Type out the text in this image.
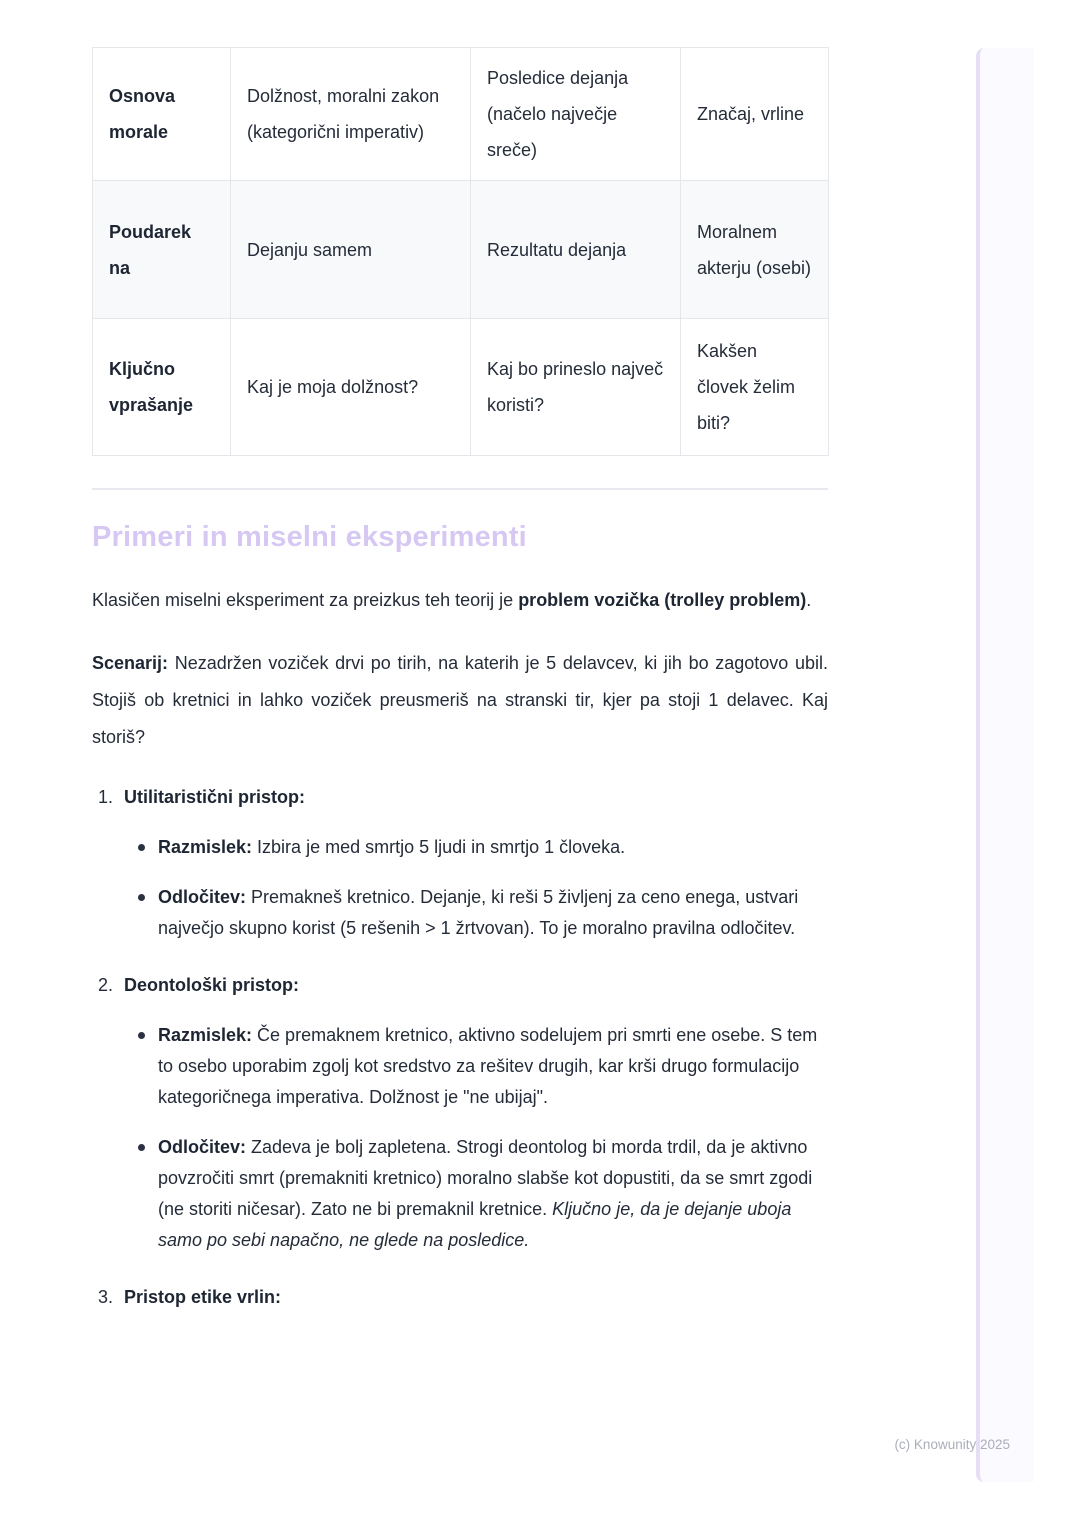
Osnova morale	Dolžnost, moralni zakon (kategorični imperativ)	Posledice dejanja (načelo največje sreče)	Značaj, vrline
Poudarek na	Dejanju samem	Rezultatu dejanja	Moralnem akterju (osebi)
Ključno vprašanje	Kaj je moja dolžnost?	Kaj bo prineslo največ koristi?	Kakšen človek želim biti?
Primeri in miselni eksperimenti

Klasičen miselni eksperiment za preizkus teh teorij je problem vozička (trolley problem).

Scenarij: Nezadržen voziček drvi po tirih, na katerih je 5 delavcev, ki jih bo zagotovo ubil. Stojiš ob kretnici in lahko voziček preusmeriš na stranski tir, kjer pa stoji 1 delavec. Kaj storiš?

1. Utilitaristični pristop:
Razmislek: Izbira je med smrtjo 5 ljudi in smrtjo 1 človeka.
Odločitev: Premakneš kretnico. Dejanje, ki reši 5 življenj za ceno enega, ustvari največjo skupno korist (5 rešenih > 1 žrtvovan). To je moralno pravilna odločitev.
2. Deontološki pristop:
Razmislek: Če premaknem kretnico, aktivno sodelujem pri smrti ene osebe. S tem to osebo uporabim zgolj kot sredstvo za rešitev drugih, kar krši drugo formulacijo kategoričnega imperativa. Dolžnost je "ne ubijaj".
Odločitev: Zadeva je bolj zapletena. Strogi deontolog bi morda trdil, da je aktivno povzročiti smrt (premakniti kretnico) moralno slabše kot dopustiti, da se smrt zgodi (ne storiti ničesar). Zato ne bi premaknil kretnice. Ključno je, da je dejanje uboja samo po sebi napačno, ne glede na posledice.
3. Pristop etike vrlin:
(c) Knowunity 2025
